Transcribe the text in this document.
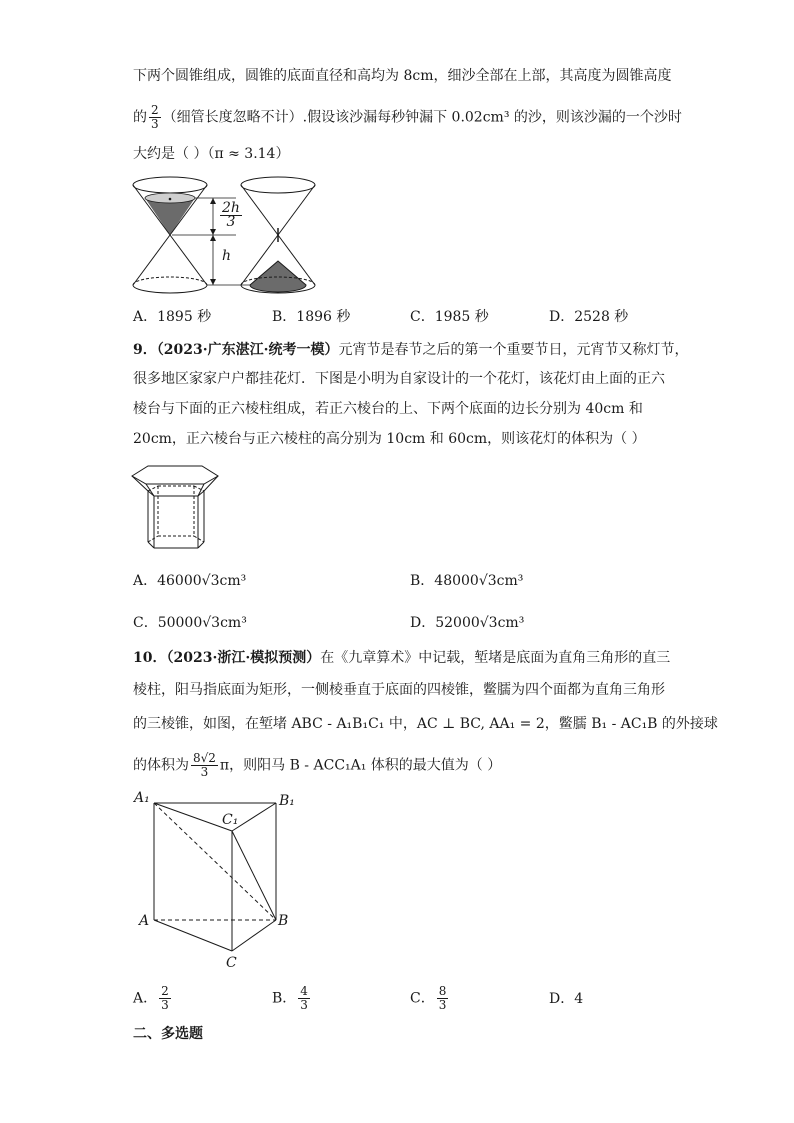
下两个圆锥组成，圆锥的底面直径和高均为 8cm，细沙全部在上部，其高度为圆锥高度
的 $\frac{2}{3}$ （细管长度忽略不计）.假设该沙漏每秒钟漏下 0.02cm³ 的沙，则该沙漏的一个沙时
大约是（ ）（π ≈ 3.14）
$\frac{2h}{3}$
h
A．1895 秒	B．1896 秒	C．1985 秒	D．2528 秒
9．（2023·广东湛江·统考一模）元宵节是春节之后的第一个重要节日，元宵节又称灯节，
很多地区家家户户都挂花灯．下图是小明为自家设计的一个花灯，该花灯由上面的正六
棱台与下面的正六棱柱组成，若正六棱台的上、下两个底面的边长分别为 40cm 和
20cm，正六棱台与正六棱柱的高分别为 10cm 和 60cm，则该花灯的体积为（ ）
A．46000√3cm³	B．48000√3cm³
C．50000√3cm³	D．52000√3cm³
10．（2023·浙江·模拟预测）在《九章算术》中记载，堑堵是底面为直角三角形的直三
棱柱，阳马指底面为矩形，一侧棱垂直于底面的四棱锥，鳖臑为四个面都为直角三角形
的三棱锥，如图，在堑堵 ABC - A₁B₁C₁ 中，AC ⊥ BC, AA₁ = 2，鳖臑 B₁ - AC₁B 的外接球
的体积为 $\frac{8√2}{3}$ π，则阳马 B - ACC₁A₁ 体积的最大值为（ ）
A₁	B₁
C₁
A	B
C
A． $\frac{2}{3}$	B． $\frac{4}{3}$	C． $\frac{8}{3}$	D．4
二、多选题
